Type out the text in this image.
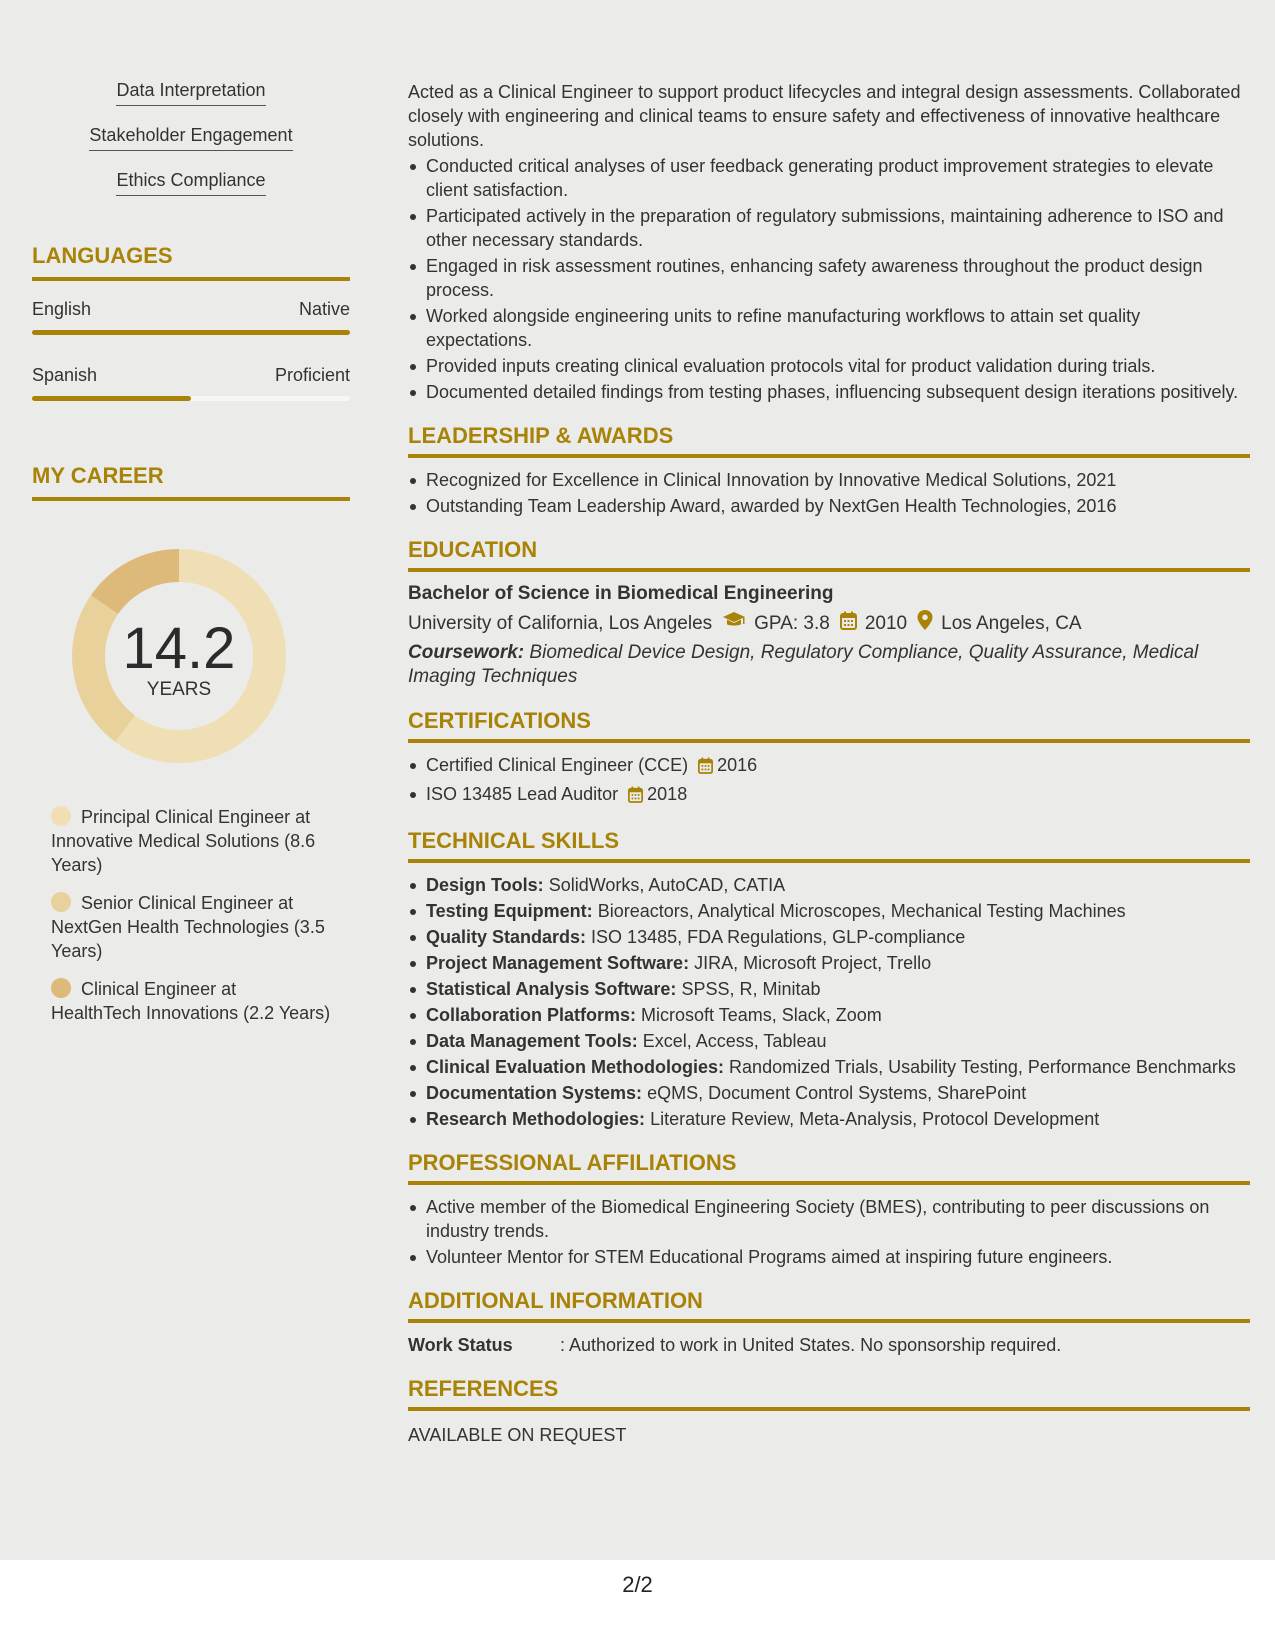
2/2
Data Interpretation
Stakeholder Engagement
Ethics Compliance
LANGUAGES
English	Native
Spanish	Proficient
MY CAREER
14.2
YEARS
Principal Clinical Engineer at Innovative Medical Solutions (8.6 Years)
Senior Clinical Engineer at NextGen Health Technologies (3.5 Years)
Clinical Engineer at HealthTech Innovations (2.2 Years)
Acted as a Clinical Engineer to support product lifecycles and integral design assessments. Collaborated closely with engineering and clinical teams to ensure safety and effectiveness of innovative healthcare solutions.
Conducted critical analyses of user feedback generating product improvement strategies to elevate client satisfaction.
Participated actively in the preparation of regulatory submissions, maintaining adherence to ISO and other necessary standards.
Engaged in risk assessment routines, enhancing safety awareness throughout the product design process.
Worked alongside engineering units to refine manufacturing workflows to attain set quality expectations.
Provided inputs creating clinical evaluation protocols vital for product validation during trials.
Documented detailed findings from testing phases, influencing subsequent design iterations positively.
LEADERSHIP & AWARDS
Recognized for Excellence in Clinical Innovation by Innovative Medical Solutions, 2021
Outstanding Team Leadership Award, awarded by NextGen Health Technologies, 2016
EDUCATION
Bachelor of Science in Biomedical Engineering
University of California, Los Angeles GPA: 3.8 2010 Los Angeles, CA
Coursework: Biomedical Device Design, Regulatory Compliance, Quality Assurance, Medical Imaging Techniques
CERTIFICATIONS
Certified Clinical Engineer (CCE) 2016
ISO 13485 Lead Auditor 2018
TECHNICAL SKILLS
Design Tools: SolidWorks, AutoCAD, CATIA
Testing Equipment: Bioreactors, Analytical Microscopes, Mechanical Testing Machines
Quality Standards: ISO 13485, FDA Regulations, GLP-compliance
Project Management Software: JIRA, Microsoft Project, Trello
Statistical Analysis Software: SPSS, R, Minitab
Collaboration Platforms: Microsoft Teams, Slack, Zoom
Data Management Tools: Excel, Access, Tableau
Clinical Evaluation Methodologies: Randomized Trials, Usability Testing, Performance Benchmarks
Documentation Systems: eQMS, Document Control Systems, SharePoint
Research Methodologies: Literature Review, Meta-Analysis, Protocol Development
PROFESSIONAL AFFILIATIONS
Active member of the Biomedical Engineering Society (BMES), contributing to peer discussions on industry trends.
Volunteer Mentor for STEM Educational Programs aimed at inspiring future engineers.
ADDITIONAL INFORMATION
Work Status	: Authorized to work in United States. No sponsorship required.
REFERENCES
AVAILABLE ON REQUEST
